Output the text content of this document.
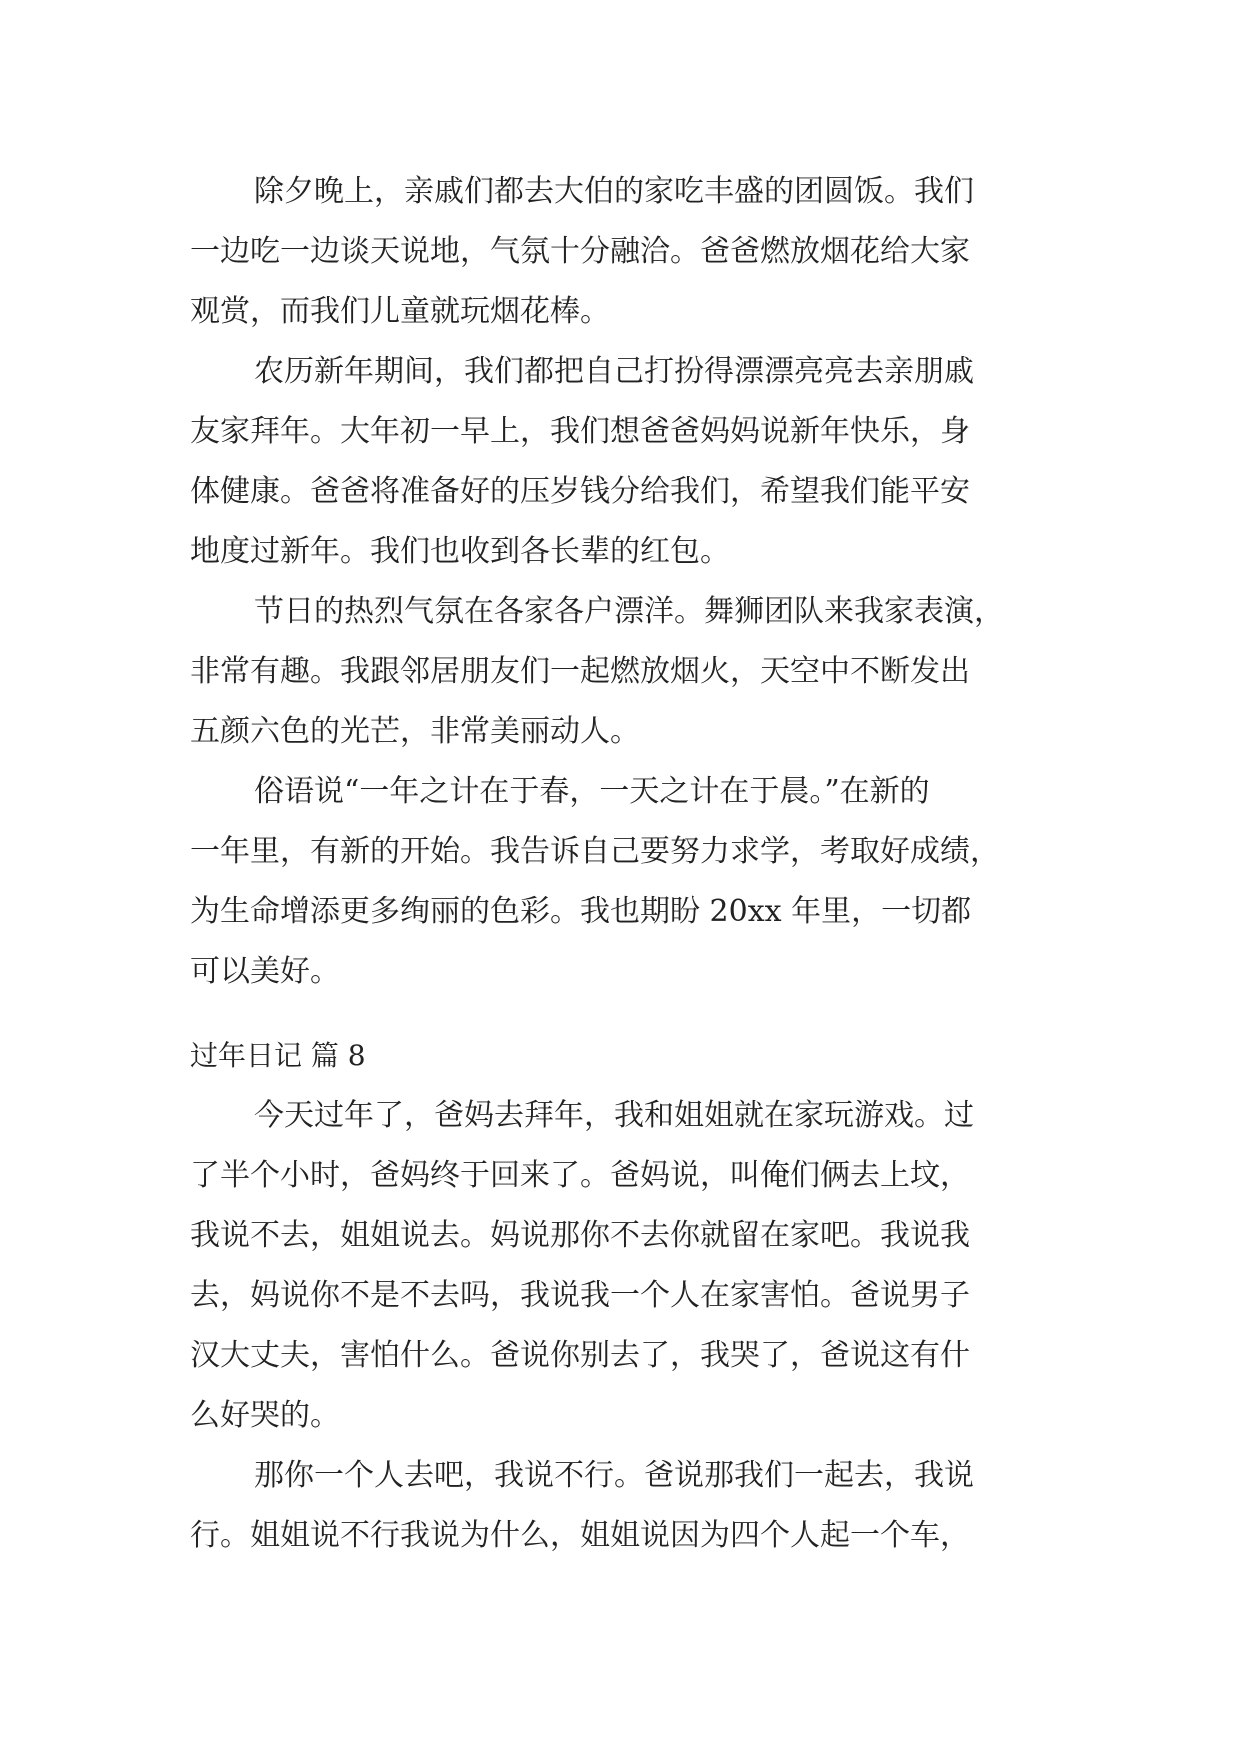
除夕晚上，亲戚们都去大伯的家吃丰盛的团圆饭。我们
一边吃一边谈天说地，气氛十分融洽。爸爸燃放烟花给大家
观赏，而我们儿童就玩烟花棒。
农历新年期间，我们都把自己打扮得漂漂亮亮去亲朋戚
友家拜年。大年初一早上，我们想爸爸妈妈说新年快乐，身
体健康。爸爸将准备好的压岁钱分给我们，希望我们能平安
地度过新年。我们也收到各长辈的红包。
节日的热烈气氛在各家各户漂洋。舞狮团队来我家表演，
非常有趣。我跟邻居朋友们一起燃放烟火，天空中不断发出
五颜六色的光芒，非常美丽动人。
俗语说“一年之计在于春，一天之计在于晨。”在新的
一年里，有新的开始。我告诉自己要努力求学，考取好成绩，
为生命增添更多绚丽的色彩。我也期盼 20xx 年里，一切都
可以美好。
过年日记 篇 8
今天过年了，爸妈去拜年，我和姐姐就在家玩游戏。过
了半个小时，爸妈终于回来了。爸妈说，叫俺们俩去上坟，
我说不去，姐姐说去。妈说那你不去你就留在家吧。我说我
去，妈说你不是不去吗，我说我一个人在家害怕。爸说男子
汉大丈夫，害怕什么。爸说你别去了，我哭了，爸说这有什
么好哭的。
那你一个人去吧，我说不行。爸说那我们一起去，我说
行。姐姐说不行我说为什么，姐姐说因为四个人起一个车，
